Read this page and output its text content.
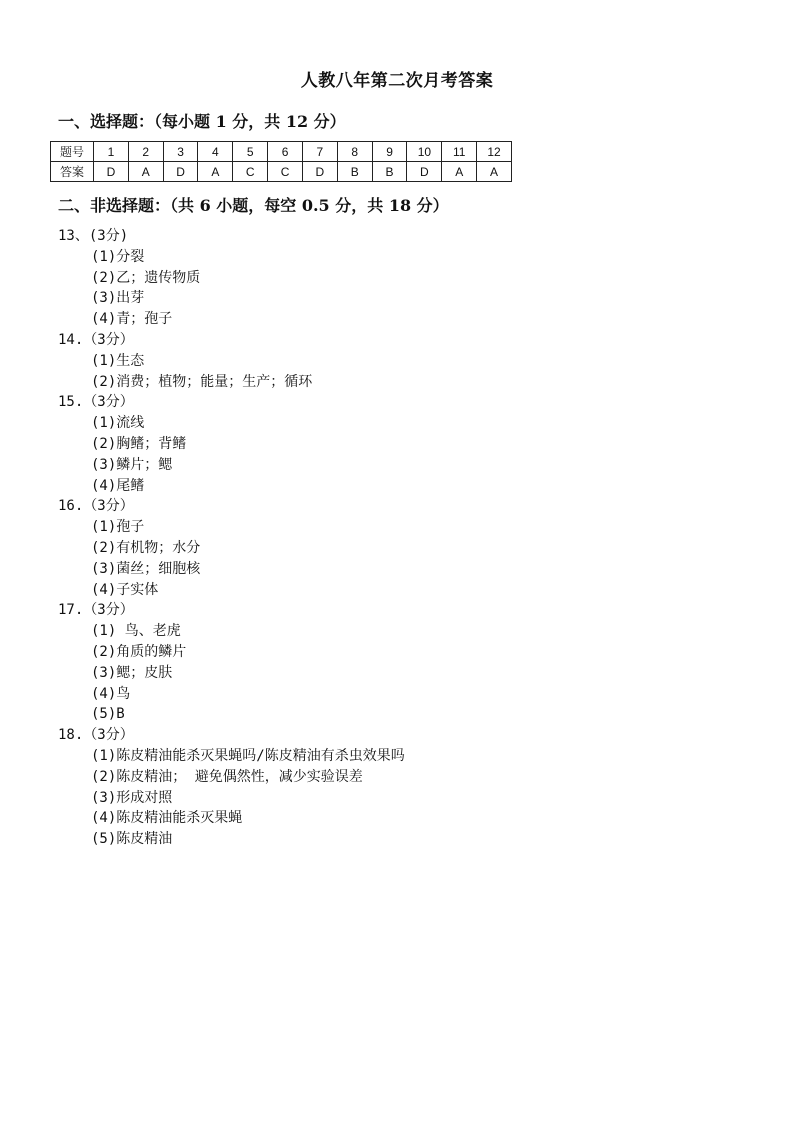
人教八年第二次月考答案
一、选择题：（每小题 1 分，共 12 分）
题号	1	2	3	4	5	6	7	8	9	10	11	12
答案	D	A	D	A	C	C	D	B	B	D	A	A
二、非选择题：（共 6 小题，每空 0.5 分，共 18 分）
13、(3分)
(1)分裂
(2)乙；遗传物质
(3)出芽
(4)青；孢子
14.（3分）
(1)生态
(2)消费；植物；能量；生产；循环
15.（3分）
(1)流线
(2)胸鳍；背鳍
(3)鳞片；鳃
(4)尾鳍
16.（3分）
(1)孢子
(2)有机物；水分
(3)菌丝；细胞核
(4)子实体
17.（3分）
(1) 鸟、老虎
(2)角质的鳞片
(3)鳃；皮肤
(4)鸟
(5)B
18.（3分）
(1)陈皮精油能杀灭果蝇吗/陈皮精油有杀虫效果吗
(2)陈皮精油； 避免偶然性，减少实验误差
(3)形成对照
(4)陈皮精油能杀灭果蝇
(5)陈皮精油
